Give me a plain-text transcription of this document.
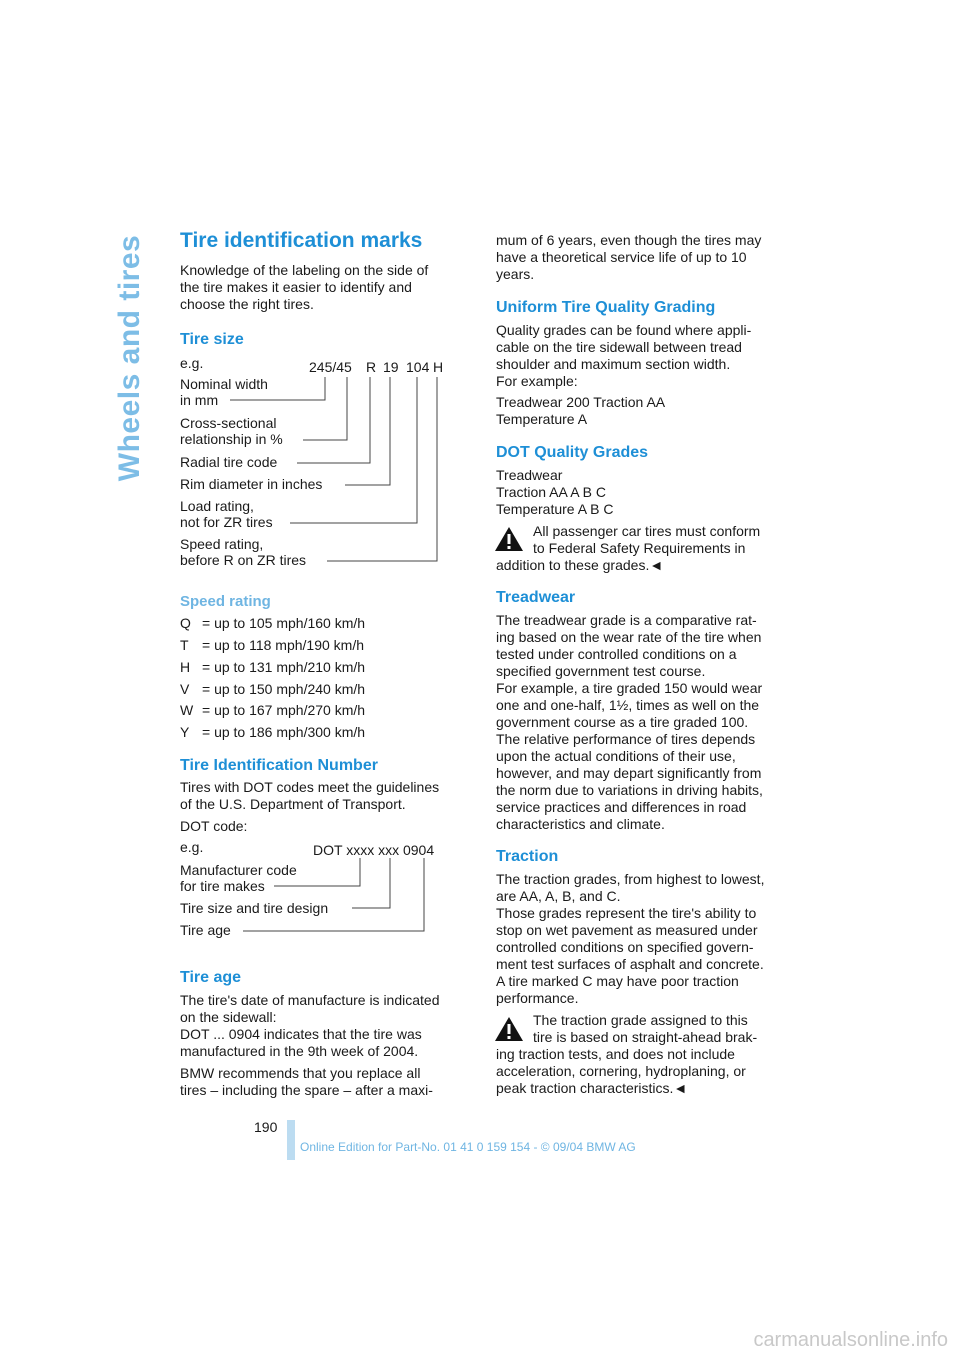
Wheels and tires Tire identification marks
Knowledge of the labeling on the side of
the tire makes it easier to identify and
choose the right tires.
Tire size
e.g.	245/45 R 19 104 H
Nominal width
in mm
Cross-sectional
relationship in %
Radial tire code
Rim diameter in inches
Load rating,
not for ZR tires
Speed rating,
before R on ZR tires
Speed rating
Q = up to 105 mph/160 km/h
T = up to 118 mph/190 km/h
H = up to 131 mph/210 km/h
V = up to 150 mph/240 km/h
W = up to 167 mph/270 km/h
Y = up to 186 mph/300 km/h
Tire Identification Number
Tires with DOT codes meet the guidelines
of the U.S. Department of Transport.
DOT code:
e.g.	DOT xxxx xxx 0904
Manufacturer code
for tire makes
Tire size and tire design
Tire age
Tire age
The tire's date of manufacture is indicated
on the sidewall:
DOT ... 0904 indicates that the tire was
manufactured in the 9th week of 2004.
BMW recommends that you replace all
tires – including the spare – after a maxi-
mum of 6 years, even though the tires may
have a theoretical service life of up to 10
years.
Uniform Tire Quality Grading
Quality grades can be found where appli-
cable on the tire sidewall between tread
shoulder and maximum section width.
For example:
Treadwear 200 Traction AA
Temperature A
DOT Quality Grades
Treadwear
Traction AA A B C
Temperature A B C
All passenger car tires must conform
to Federal Safety Requirements in
addition to these grades.◄
Treadwear
The treadwear grade is a comparative rat-
ing based on the wear rate of the tire when
tested under controlled conditions on a
specified government test course.
For example, a tire graded 150 would wear
one and one-half, 1½, times as well on the
government course as a tire graded 100.
The relative performance of tires depends
upon the actual conditions of their use,
however, and may depart significantly from
the norm due to variations in driving habits,
service practices and differences in road
characteristics and climate.
Traction
The traction grades, from highest to lowest,
are AA, A, B, and C.
Those grades represent the tire's ability to
stop on wet pavement as measured under
controlled conditions on specified govern-
ment test surfaces of asphalt and concrete.
A tire marked C may have poor traction
performance.
The traction grade assigned to this
tire is based on straight-ahead brak-
ing traction tests, and does not include
acceleration, cornering, hydroplaning, or
peak traction characteristics.◄
190
Online Edition for Part-No. 01 41 0 159 154 - © 09/04 BMW AG
carmanualsonline.info
